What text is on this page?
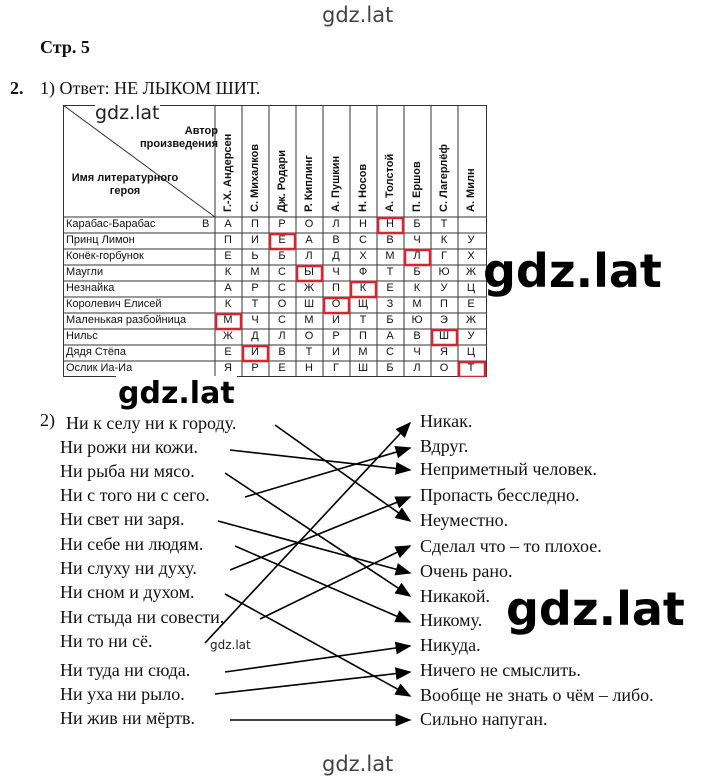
gdz.lat
Стр. 5
2. 1) Ответ: НЕ ЛЫКОМ ШИТ.
Автор произведения
Имя литературного героя	Г.-Х. Андерсен С. Михалков Дж. Родари Р. Киплинг А. Пушкин Н. Носов А. Толстой П. Ершов С. Лагерлёф А. Милн
gdz.lat
Карабас-Барабас	В	А	П	Р	О	Л	Н	Н	Б	Т
Принц Лимон	П	И	Е	А	В	С	В	Ч	К	У
Конёк-горбунок	Е	Ь	Б	Л	Д	Х	М	Л	Г	Х
Маугли	К	М	С	Ы	Ч	Ф	Т	Б	Ю	Ж
Незнайка	А	Р	С	Ж	П	К	Е	К	У	Ц
Королевич Елисей	К	Т	О	Ш	О	Щ	З	М	П	Е
Маленькая разбойница	М	Ч	С	М	И	Т	Б	Ю	Э	Ж
Нильс	Ж	Д	Л	О	Р	П	А	В	Ш	У
Дядя Стёпа	Е	И	В	Т	И	М	С	Ч	Я	Ц
Ослик Иа-Иа	Я	Р	Е	Н	Г	Ш	Б	Л	О	Т
gdz.lat
gdz.lat
2) Ни к селу ни к городу.
Ни рожи ни кожи.
Ни рыба ни мясо.
Ни с того ни с сего.
Ни свет ни заря.
Ни себе ни людям.
Ни слуху ни духу.
Ни сном и духом.
Ни стыда ни совести.
Ни то ни сё.
Ни туда ни сюда.
Ни уха ни рыло.
Ни жив ни мёртв.
Никак.
Вдруг.
Неприметный человек.
Пропасть бесследно.
Неуместно.
Сделал что – то плохое.
Очень рано.
Никакой.
Никому.
Никуда.
Ничего не смыслить.
Вообще не знать о чём – либо.
Сильно напуган.
gdz.lat
gdz.lat
gdz.lat
